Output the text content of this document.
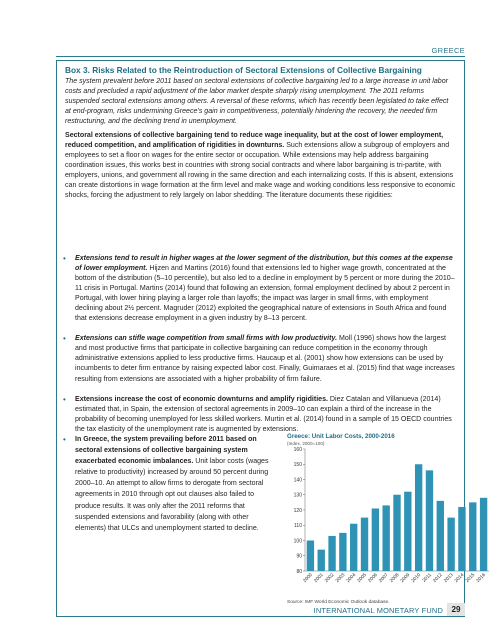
GREECE
Box 3. Risks Related to the Reintroduction of Sectoral Extensions of Collective Bargaining

The system prevalent before 2011 based on sectoral extensions of collective bargaining led to a large increase in unit labor costs and precluded a rapid adjustment of the labor market despite sharply rising unemployment. The 2011 reforms suspended sectoral extensions among others. A reversal of these reforms, which has recently been legislated to take effect at end-program, risks undermining Greece’s gain in competitiveness, potentially hindering the recovery, the needed firm restructuring, and the declining trend in unemployment.

Sectoral extensions of collective bargaining tend to reduce wage inequality, but at the cost of lower employment, reduced competition, and amplification of rigidities in downturns. Such extensions allow a subgroup of employers and employees to set a floor on wages for the entire sector or occupation. While extensions may help address bargaining coordination issues, this works best in countries with strong social contracts and where labor bargaining is tri-partite, with employers, unions, and government all rowing in the same direction and each internalizing costs. If this is absent, extensions can create distortions in wage formation at the firm level and make wage and working conditions less responsive to economic shocks, forcing the adjustment to rely largely on labor shedding. The literature documents these rigidities:

• Extensions tend to result in higher wages at the lower segment of the distribution, but this comes at the expense of lower employment. Hijzen and Martins (2016) found that extensions led to higher wage growth, concentrated at the bottom of the distribution (5–10 percentile), but also led to a decline in employment by 5 percent or more during the 2010–11 crisis in Portugal. Martins (2014) found that following an extension, formal employment declined by about 2 percent in Portugal, with lower hiring playing a larger role than layoffs; the impact was larger in small firms, with employment declining about 2½ percent. Magruder (2012) exploited the geographical nature of extensions in South Africa and found that extensions decrease employment in a given industry by 8–13 percent.

• Extensions can stifle wage competition from small firms with low productivity. Moll (1996) shows how the largest and most productive firms that participate in collective bargaining can reduce competition in the economy through administrative extensions applied to less productive firms. Haucaup et al. (2001) show how extensions can be used by incumbents to deter firm entrance by raising expected labor cost. Finally, Guimaraes et al. (2015) find that wage increases resulting from extensions are associated with a higher probability of firm failure.

• Extensions increase the cost of economic downturns and amplify rigidities. Diez Catalan and Villanueva (2014) estimated that, in Spain, the extension of sectoral agreements in 2009–10 can explain a third of the increase in the probability of becoming unemployed for less skilled workers. Murtin et al. (2014) found in a sample of 15 OECD countries the tax elasticity of the unemployment rate is augmented by extensions.

• In Greece, the system prevailing before 2011 based on sectoral extensions of collective bargaining system exacerbated economic imbalances. Unit labor costs (wages relative to productivity) increased by around 50 percent during 2000–10. An attempt to allow firms to derogate from sectoral agreements in 2010 through opt out clauses also failed to produce results. It was only after the 2011 reforms that suspended extensions and favorability (along with other elements) that ULCs and unemployment started to decline.

Greece: Unit Labor Costs, 2000-2016
(Index, 2000=100)
80
90
100
110
120
130
140
150
160
2000 2001 2002 2003 2004 2005 2006 2007 2008 2009 2010 2011 2012 2013 2014 2015 2016
Source: IMF World Economic Outlook database.
INTERNATIONAL MONETARY FUND	29
